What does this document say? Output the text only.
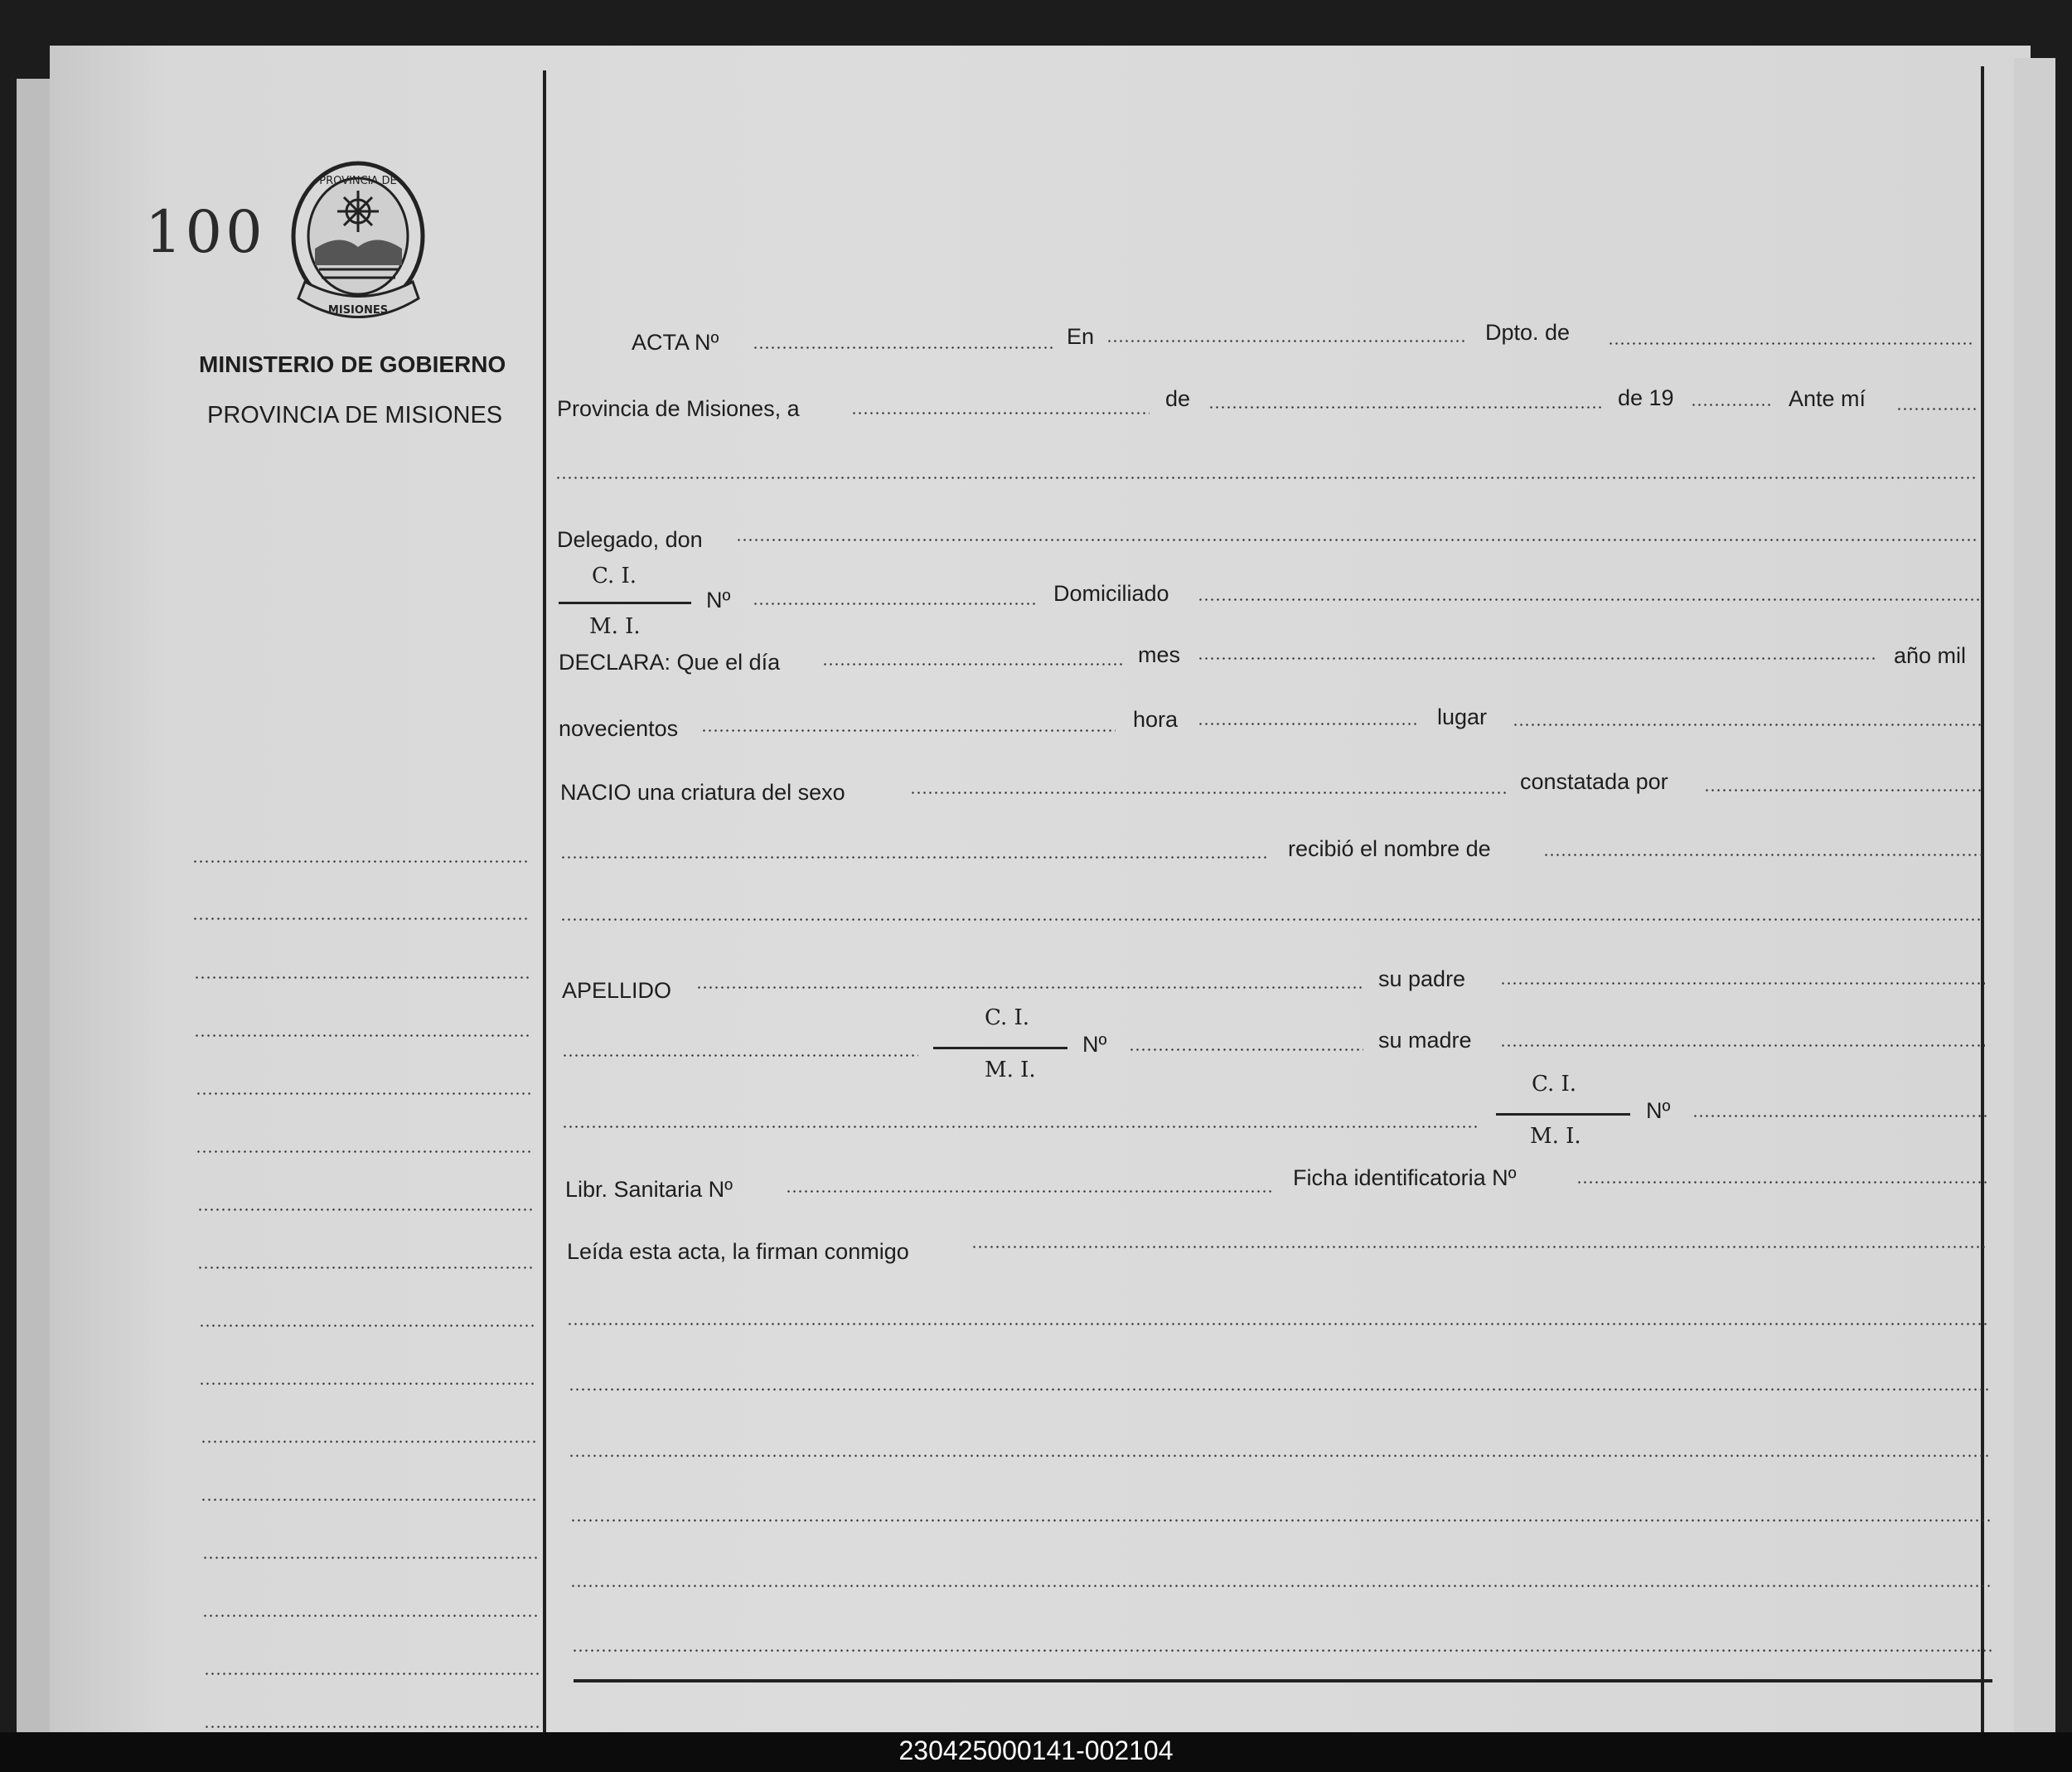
100
PROVINCIA DE
MISIONES
MINISTERIO DE GOBIERNO
PROVINCIA DE MISIONES
ACTA Nº	En	Dpto. de
Provincia de Misiones, a	de	de 19	Ante mí
Delegado, don
C. I.
M. I.
Nº	Domiciliado
DECLARA: Que el día	mes	año mil
novecientos	hora	lugar
NACIO una criatura del sexo	constatada por
recibió el nombre de
APELLIDO	su padre
C. I.
M. I.
Nº	su madre
C. I.
M. I.
Nº
Libr. Sanitaria Nº	Ficha identificatoria Nº
Leída esta acta, la firman conmigo
230425000141-002104
